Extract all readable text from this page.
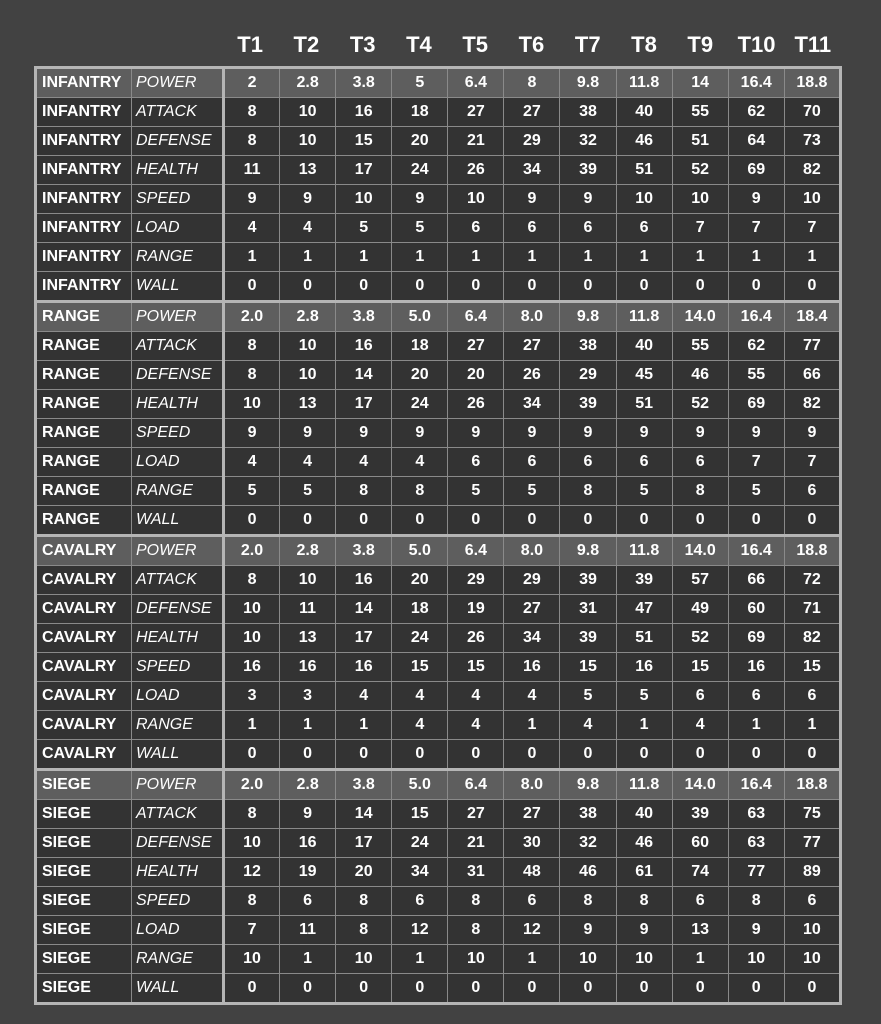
T1	T2	T3	T4	T5	T6	T7	T8	T9	T10 T11
INFANTRY	POWER	2	2.8	3.8	5	6.4	8	9.8	11.8	14	16.4	18.8
INFANTRY	ATTACK	8	10	16	18	27	27	38	40	55	62	70
INFANTRY	DEFENSE	8	10	15	20	21	29	32	46	51	64	73
INFANTRY	HEALTH	11	13	17	24	26	34	39	51	52	69	82
INFANTRY	SPEED	9	9	10	9	10	9	9	10	10	9	10
INFANTRY	LOAD	4	4	5	5	6	6	6	6	7	7	7
INFANTRY	RANGE	1	1	1	1	1	1	1	1	1	1	1
INFANTRY	WALL	0	0	0	0	0	0	0	0	0	0	0
RANGE	POWER	2.0	2.8	3.8	5.0	6.4	8.0	9.8	11.8	14.0	16.4	18.4
RANGE	ATTACK	8	10	16	18	27	27	38	40	55	62	77
RANGE	DEFENSE	8	10	14	20	20	26	29	45	46	55	66
RANGE	HEALTH	10	13	17	24	26	34	39	51	52	69	82
RANGE	SPEED	9	9	9	9	9	9	9	9	9	9	9
RANGE	LOAD	4	4	4	4	6	6	6	6	6	7	7
RANGE	RANGE	5	5	8	8	5	5	8	5	8	5	6
RANGE	WALL	0	0	0	0	0	0	0	0	0	0	0
CAVALRY	POWER	2.0	2.8	3.8	5.0	6.4	8.0	9.8	11.8	14.0	16.4	18.8
CAVALRY	ATTACK	8	10	16	20	29	29	39	39	57	66	72
CAVALRY	DEFENSE	10	11	14	18	19	27	31	47	49	60	71
CAVALRY	HEALTH	10	13	17	24	26	34	39	51	52	69	82
CAVALRY	SPEED	16	16	16	15	15	16	15	16	15	16	15
CAVALRY	LOAD	3	3	4	4	4	4	5	5	6	6	6
CAVALRY	RANGE	1	1	1	4	4	1	4	1	4	1	1
CAVALRY	WALL	0	0	0	0	0	0	0	0	0	0	0
SIEGE	POWER	2.0	2.8	3.8	5.0	6.4	8.0	9.8	11.8	14.0	16.4	18.8
SIEGE	ATTACK	8	9	14	15	27	27	38	40	39	63	75
SIEGE	DEFENSE	10	16	17	24	21	30	32	46	60	63	77
SIEGE	HEALTH	12	19	20	34	31	48	46	61	74	77	89
SIEGE	SPEED	8	6	8	6	8	6	8	8	6	8	6
SIEGE	LOAD	7	11	8	12	8	12	9	9	13	9	10
SIEGE	RANGE	10	1	10	1	10	1	10	10	1	10	10
SIEGE	WALL	0	0	0	0	0	0	0	0	0	0	0
